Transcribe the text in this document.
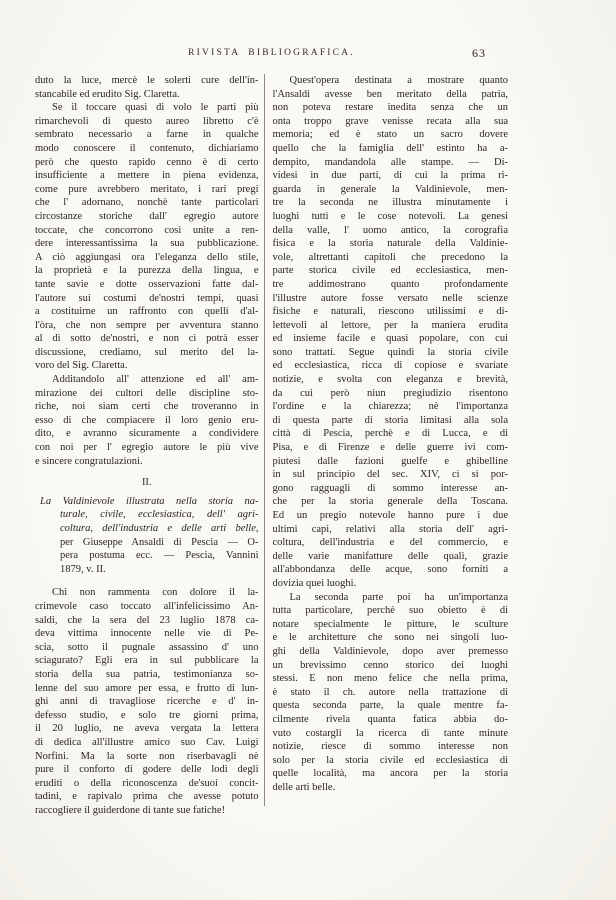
RIVISTA BIBLIOGRAFICA.	63
duto la luce, mercè le solerti cure dell'in-
stancabile ed erudito Sig. Claretta.
Se il toccare quasi di volo le parti più
rimarchevoli di questo aureo libretto c'è
sembrato necessario a farne in qualche
modo conoscere il contenuto, dichiariamo
però che questo rapido cenno è di certo
insufficiente a mettere in piena evidenza,
come pure avrebbero meritato, i rari pregi
che l' adornano, nonchè tante particolari
circostanze storiche dall' egregio autore
toccate, che concorrono così unite a ren-
dere interessantissima la sua pubblicazione.
A ciò aggiungasi ora l'eleganza dello stile,
la proprietà e la purezza della lingua, e
tante savie e dotte osservazioni fatte dal-
l'autore sui costumi de'nostri tempi, quasi
a costituirne un raffronto con quelli d'al-
l'òra, che non sempre per avventura stanno
al di sotto de'nostri, e non ci potrà esser
discussione, crediamo, sul merito del la-
voro del Sig. Claretta.
Additandolo all' attenzione ed all' am-
mirazione dei cultori delle discipline sto-
riche, noi siam certi che troveranno in
esso di che compiacere il loro genio eru-
dito, e avranno sicuramente a condividere
con noi per l' egregio autore le più vive
e sincere congratulazioni.
II.
La Valdinievole illustrata nella storia na-
turale, civile, ecclesiastica, dell' agri-
coltura, dell'industria e delle arti belle,
per Giuseppe Ansaldi di Pescia — O-
pera postuma ecc. — Pescia, Vannini
1879, v. II.
Chi non rammenta con dolore il la-
crimevole caso toccato all'infelicissimo An-
saldi, che la sera del 23 luglio 1878 ca-
deva vittima innocente nelle vie di Pe-
scia, sotto il pugnale assassino d' uno
sciagurato? Egli era in sul pubblicare la
storia della sua patria, testimonianza so-
lenne del suo amore per essa, e frutto di lun-
ghi anni di travagliose ricerche e d' in-
defesso studio, e solo tre giorni prima,
il 20 luglio, ne aveva vergata la lettera
di dedica all'illustre amico suo Cav. Luigi
Norfini. Ma la sorte non riserbavagli nè
pure il conforto di godere delle lodi degli
eruditi o della riconoscenza de'suoi concit-
tadini, e rapivalo prima che avesse potuto
raccogliere il guiderdone di tante sue fatiche!
Quest'opera destinata a mostrare quanto
l'Ansaldi avesse ben meritato della patria,
non poteva restare inedita senza che un
onta troppo grave venisse recata alla sua
memoria; ed è stato un sacro dovere
quello che la famiglia dell' estinto ha a-
dempito, mandandola alle stampe. — Di-
videsi in due parti, di cui la prima ri-
guarda in generale la Valdinievole, men-
tre la seconda ne illustra minutamente i
luoghi tutti e le cose notevoli. La genesi
della valle, l' uomo antico, la corografia
fisica e la storia naturale della Valdinie-
vole, altrettanti capitoli che precedono la
parte storica civile ed ecclesiastica, men-
tre addimostrano quanto profondamente
l'illustre autore fosse versato nelle scienze
fisiche e naturali, riescono utilissimi e di-
lettevoli al lettore, per la maniera erudita
ed insieme facile e quasi popolare, con cui
sono trattati. Segue quindi la storia civile
ed ecclesiastica, ricca di copiose e svariate
notizie, e svolta con eleganza e brevità,
da cui però niun pregiudizio risentono
l'ordine e la chiarezza; nè l'importanza
di questa parte di storia limitasi alla sola
città di Pescia, perchè e di Lucca, e di
Pisa, e di Firenze e delle guerre ivi com-
piutesi dalle fazioni guelfe e ghibelline
in sul principio del sec. XIV, ci si por-
gono ragguagli di sommo interesse an-
che per la storia generale della Toscana.
Ed un pregio notevole hanno pure i due
ultimi capi, relativi alla storia dell' agri-
coltura, dell'industria e del commercio, e
delle varie manifatture delle quali, grazie
all'abbondanza delle acque, sono forniti a
dovizia quei luoghi.
La seconda parte poi ha un'importanza
tutta particolare, perchè suo obietto è di
notare specialmente le pitture, le sculture
e le architetture che sono nei singoli luo-
ghi della Valdinievole, dopo aver premesso
un brevissimo cenno storico dei luoghi
stessi. E non meno felice che nella prima,
è stato il ch. autore nella trattazione di
questa seconda parte, la quale mentre fa-
cilmente rivela quanta fatica abbia do-
vuto costargli la ricerca di tante minute
notizie, riesce di sommo interesse non
solo per la storia civile ed ecclesiastica di
quelle località, ma ancora per la storia
delle arti belle.
